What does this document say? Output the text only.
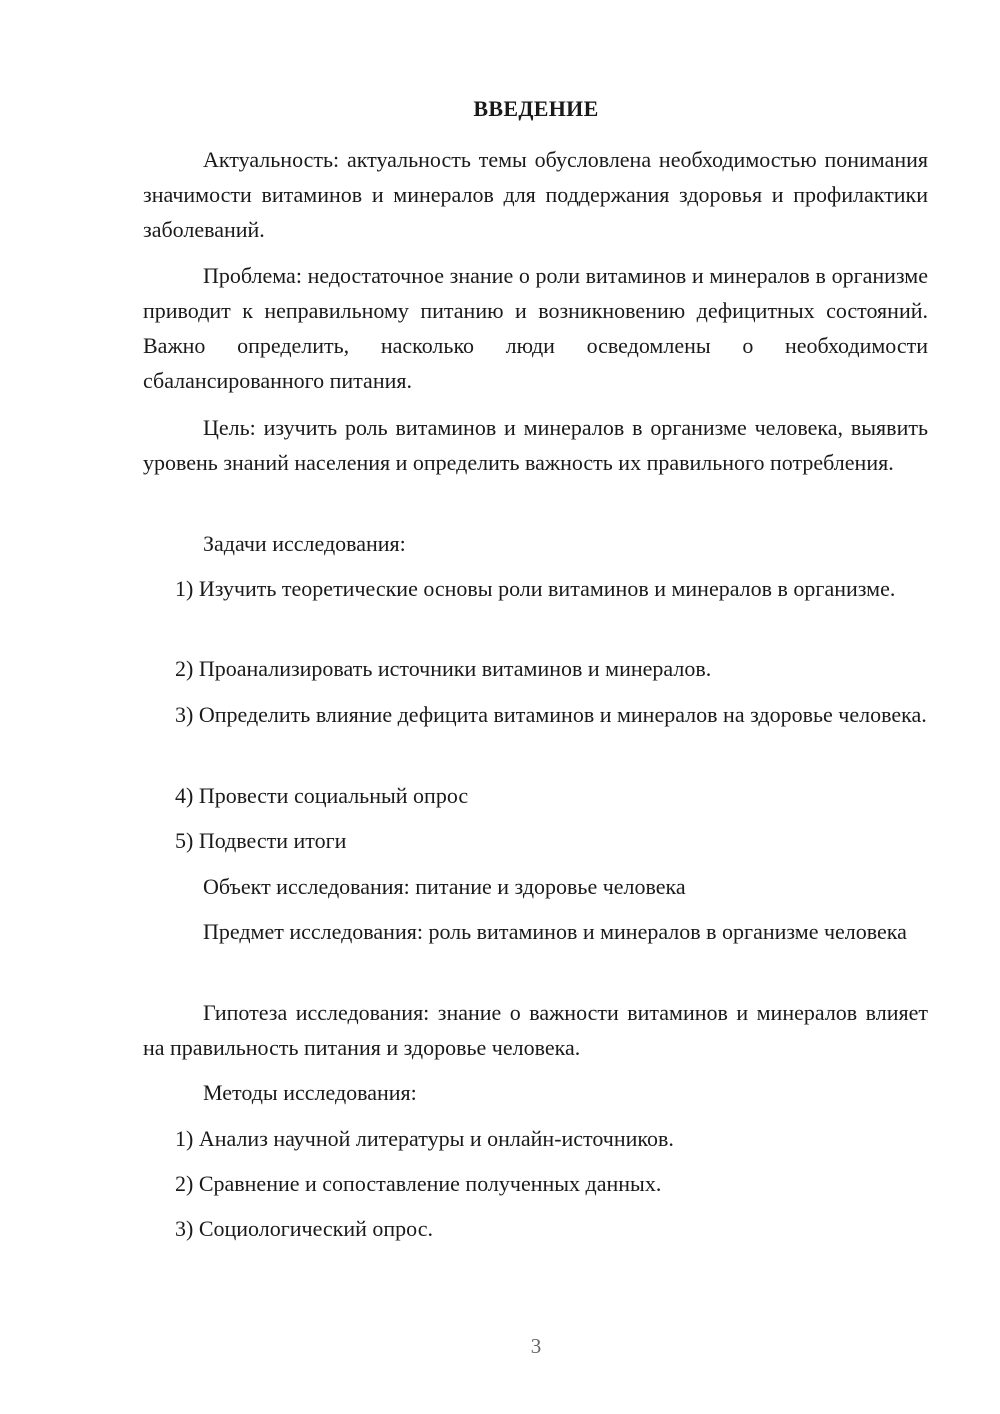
ВВЕДЕНИЕ

Актуальность: актуальность темы обусловлена необходимостью понимания значимости витаминов и минералов для поддержания здоровья и профилактики заболеваний.

Проблема: недостаточное знание о роли витаминов и минералов в организме приводит к неправильному питанию и возникновению дефицитных состояний. Важно определить, насколько люди осведомлены о необходимости сбалансированного питания.

Цель: изучить роль витаминов и минералов в организме человека, выявить уровень знаний населения и определить важность их правильного потребления.

Задачи исследования:

1) Изучить теоретические основы роли витаминов и минералов в организме.

2) Проанализировать источники витаминов и минералов.

3) Определить влияние дефицита витаминов и минералов на здоровье человека.

4) Провести социальный опрос

5) Подвести итоги

Объект исследования: питание и здоровье человека

Предмет исследования: роль витаминов и минералов в организме человека

Гипотеза исследования: знание о важности витаминов и минералов влияет на правильность питания и здоровье человека.

Методы исследования:

1) Анализ научной литературы и онлайн-источников.

2) Сравнение и сопоставление полученных данных.

3) Социологический опрос.

3
